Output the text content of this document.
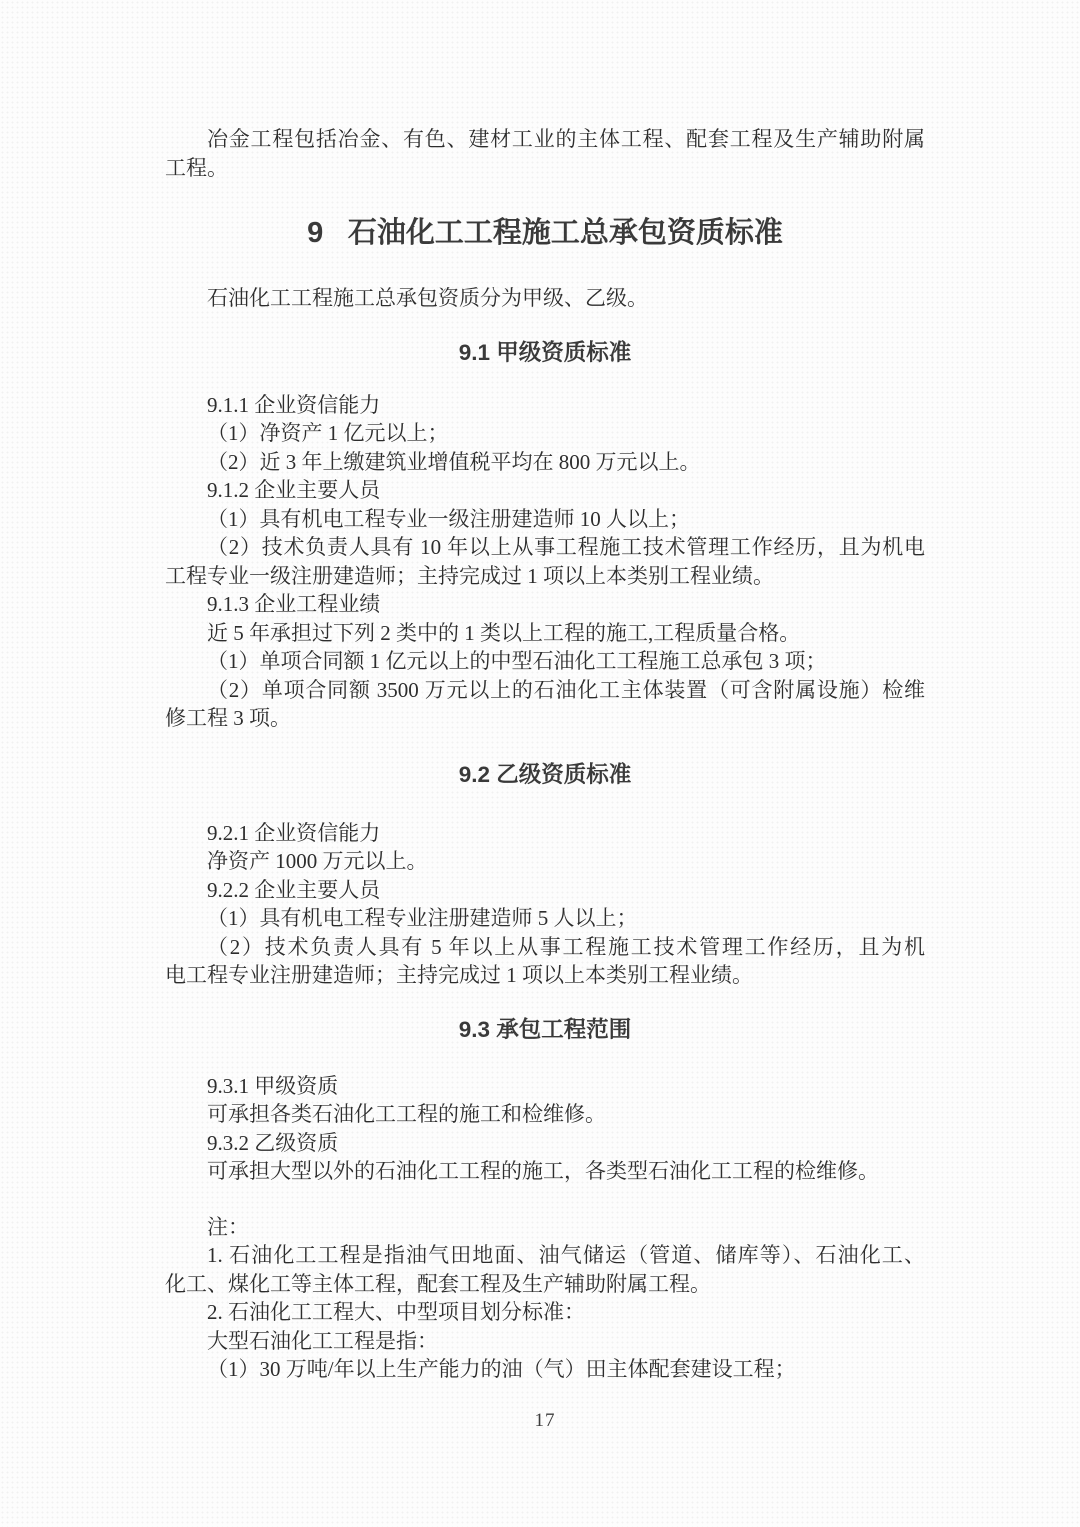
冶金工程包括冶金、有色、建材工业的主体工程、配套工程及生产辅助附属
工程。
9 石油化工工程施工总承包资质标准
石油化工工程施工总承包资质分为甲级、乙级。
9.1 甲级资质标准
9.1.1 企业资信能力
（1）净资产 1 亿元以上；
（2）近 3 年上缴建筑业增值税平均在 800 万元以上。
9.1.2 企业主要人员
（1）具有机电工程专业一级注册建造师 10 人以上；
（2）技术负责人具有 10 年以上从事工程施工技术管理工作经历，且为机电
工程专业一级注册建造师；主持完成过 1 项以上本类别工程业绩。
9.1.3 企业工程业绩
近 5 年承担过下列 2 类中的 1 类以上工程的施工,工程质量合格。
（1）单项合同额 1 亿元以上的中型石油化工工程施工总承包 3 项；
（2）单项合同额 3500 万元以上的石油化工主体装置（可含附属设施）检维
修工程 3 项。
9.2 乙级资质标准
9.2.1 企业资信能力
净资产 1000 万元以上。
9.2.2 企业主要人员
（1）具有机电工程专业注册建造师 5 人以上；
（2）技术负责人具有 5 年以上从事工程施工技术管理工作经历，且为机
电工程专业注册建造师；主持完成过 1 项以上本类别工程业绩。
9.3 承包工程范围
9.3.1 甲级资质
可承担各类石油化工工程的施工和检维修。
9.3.2 乙级资质
可承担大型以外的石油化工工程的施工，各类型石油化工工程的检维修。
注：
1. 石油化工工程是指油气田地面、油气储运（管道、储库等）、石油化工、
化工、煤化工等主体工程，配套工程及生产辅助附属工程。
2. 石油化工工程大、中型项目划分标准：
大型石油化工工程是指：
（1）30 万吨/年以上生产能力的油（气）田主体配套建设工程；
17
